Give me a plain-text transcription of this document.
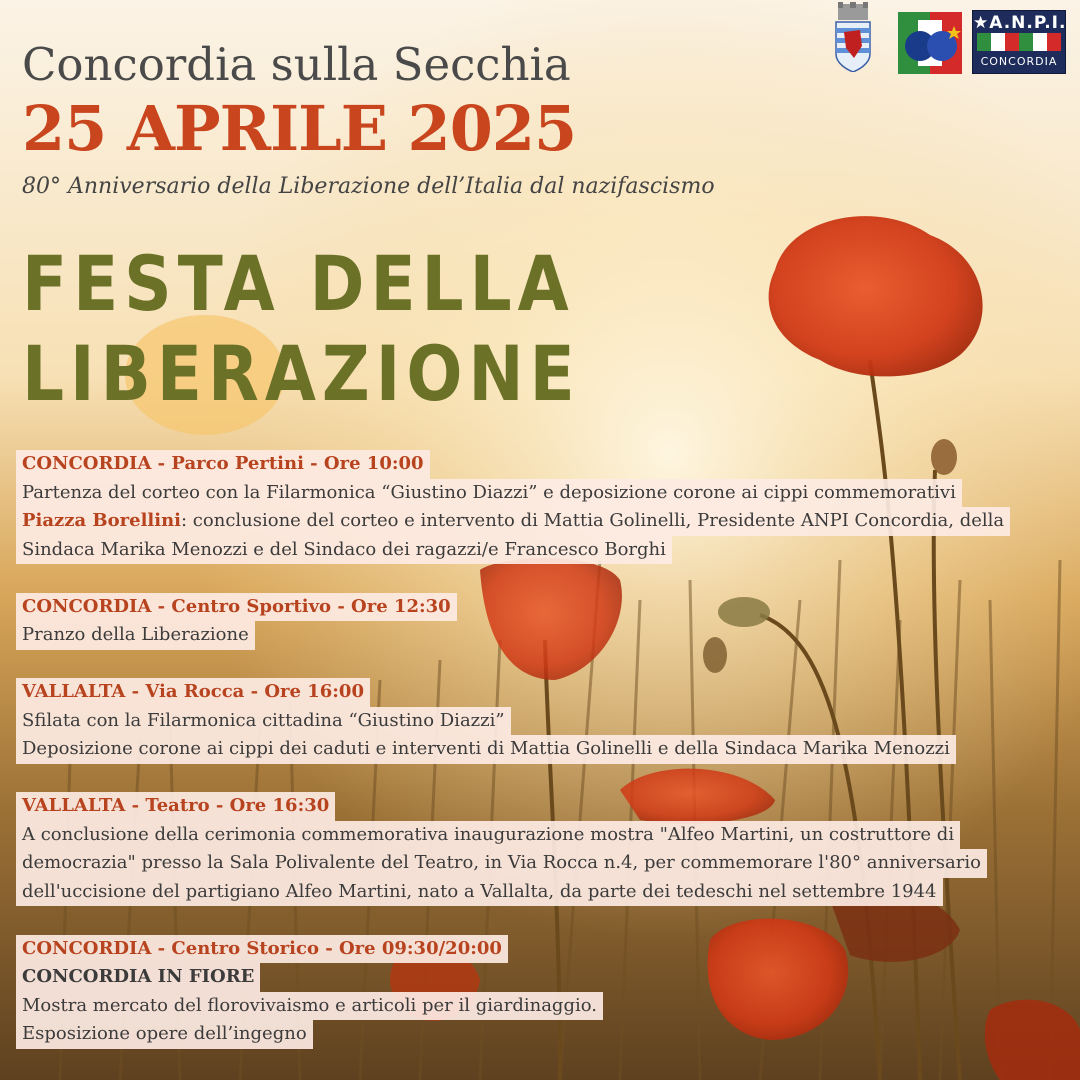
Concordia sulla Secchia
25 APRILE 2025
80° Anniversario della Liberazione dell’Italia dal nazifascismo
FESTA DELLA
LIBERAZIONE
★A.N.P.I.
CONCORDIA

CONCORDIA - Parco Pertini - Ore 10:00

Partenza del corteo con la Filarmonica “Giustino Diazzi” e deposizione corone ai cippi commemorativi

Piazza Borellini: conclusione del corteo e intervento di Mattia Golinelli, Presidente ANPI Concordia, della

Sindaca Marika Menozzi e del Sindaco dei ragazzi/e Francesco Borghi

CONCORDIA - Centro Sportivo - Ore 12:30

Pranzo della Liberazione

VALLALTA - Via Rocca - Ore 16:00

Sfilata con la Filarmonica cittadina “Giustino Diazzi”

Deposizione corone ai cippi dei caduti e interventi di Mattia Golinelli e della Sindaca Marika Menozzi

VALLALTA - Teatro - Ore 16:30

A conclusione della cerimonia commemorativa inaugurazione mostra "Alfeo Martini, un costruttore di

democrazia" presso la Sala Polivalente del Teatro, in Via Rocca n.4, per commemorare l'80° anniversario

dell'uccisione del partigiano Alfeo Martini, nato a Vallalta, da parte dei tedeschi nel settembre 1944

CONCORDIA - Centro Storico - Ore 09:30/20:00

CONCORDIA IN FIORE

Mostra mercato del florovivaismo e articoli per il giardinaggio.

Esposizione opere dell’ingegno
